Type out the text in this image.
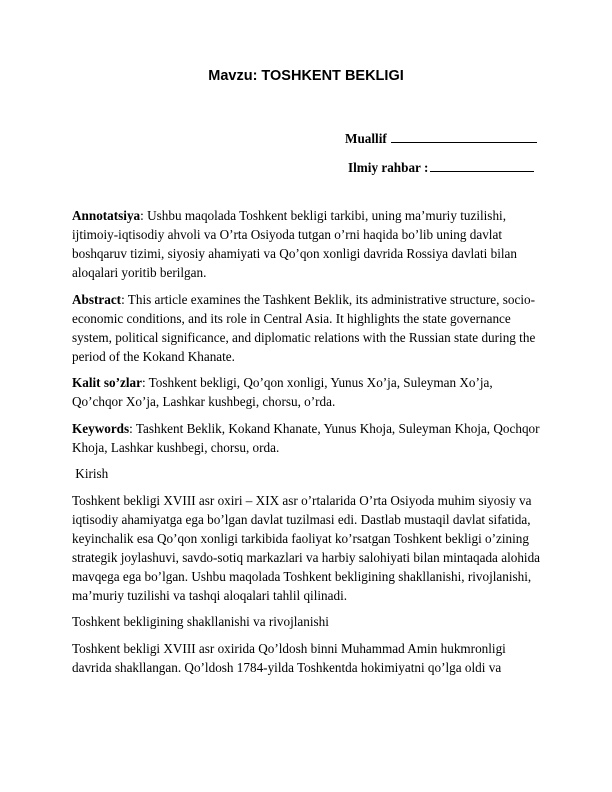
Mavzu: TOSHKENT BEKLIGI
Muallif
Ilmiy rahbar :

Annotatsiya: Ushbu maqolada Toshkent bekligi tarkibi, uning ma’muriy tuzilishi, ijtimoiy-iqtisodiy ahvoli va O’rta Osiyoda tutgan o’rni haqida bo’lib uning davlat boshqaruv tizimi, siyosiy ahamiyati va Qo’qon xonligi davrida Rossiya davlati bilan aloqalari yoritib berilgan.

Abstract: This article examines the Tashkent Beklik, its administrative structure, socio-economic conditions, and its role in Central Asia. It highlights the state governance system, political significance, and diplomatic relations with the Russian state during the period of the Kokand Khanate.

Kalit so’zlar: Toshkent bekligi, Qo’qon xonligi, Yunus Xo’ja, Suleyman Xo’ja, Qo’chqor Xo’ja, Lashkar kushbegi, chorsu, o’rda.

Keywords: Tashkent Beklik, Kokand Khanate, Yunus Khoja, Suleyman Khoja, Qochqor Khoja, Lashkar kushbegi, chorsu, orda.

Kirish

Toshkent bekligi XVIII asr oxiri – XIX asr o’rtalarida O’rta Osiyoda muhim siyosiy va iqtisodiy ahamiyatga ega bo’lgan davlat tuzilmasi edi. Dastlab mustaqil davlat sifatida, keyinchalik esa Qo’qon xonligi tarkibida faoliyat ko’rsatgan Toshkent bekligi o’zining strategik joylashuvi, savdo-sotiq markazlari va harbiy salohiyati bilan mintaqada alohida mavqega ega bo’lgan. Ushbu maqolada Toshkent bekligining shakllanishi, rivojlanishi, ma’muriy tuzilishi va tashqi aloqalari tahlil qilinadi.

Toshkent bekligining shakllanishi va rivojlanishi

Toshkent bekligi XVIII asr oxirida Qo’ldosh binni Muhammad Amin hukmronligi davrida shakllangan. Qo’ldosh 1784-yilda Toshkentda hokimiyatni qo’lga oldi va
